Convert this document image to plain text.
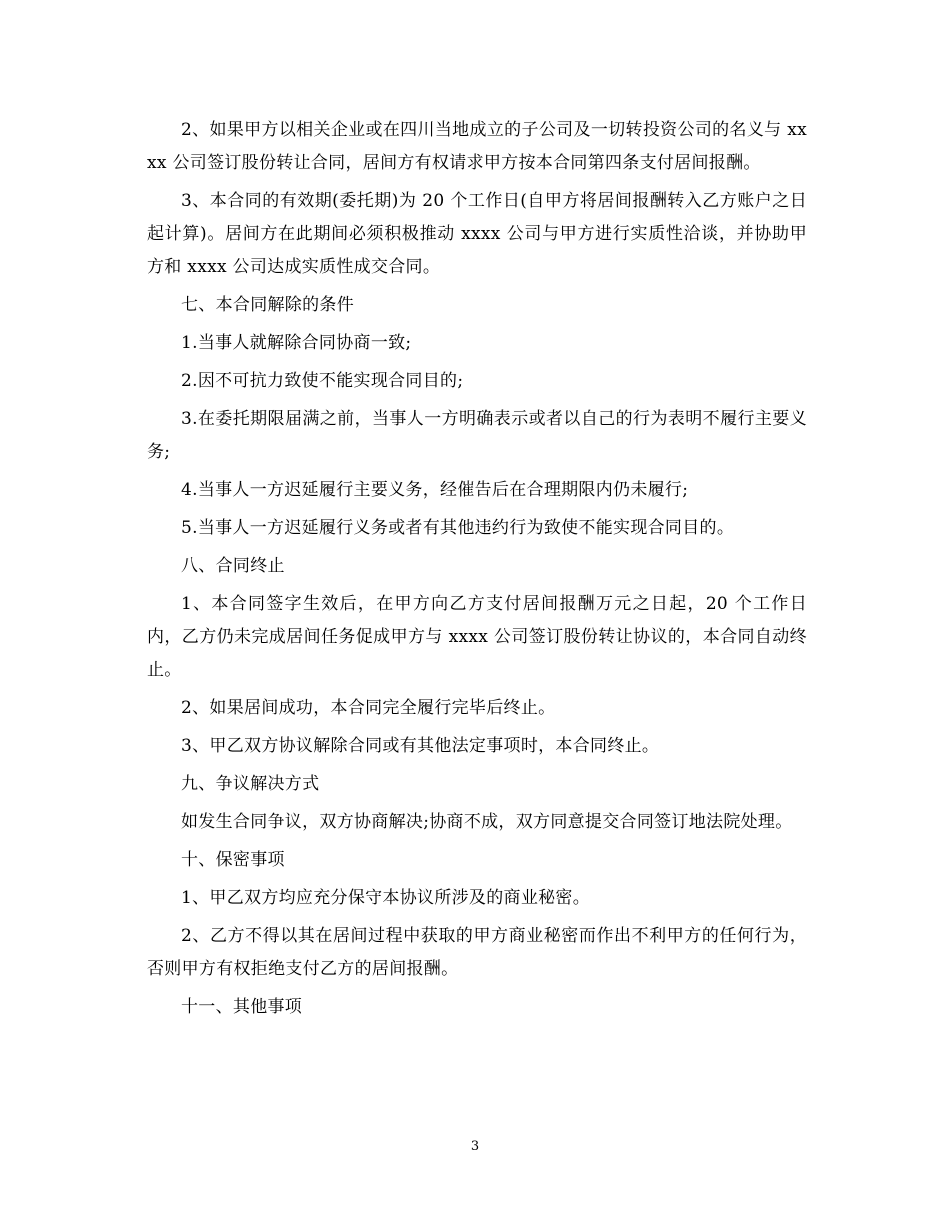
2、如果甲方以相关企业或在四川当地成立的子公司及一切转投资公司的名义与 xxxx 公司签订股份转让合同，居间方有权请求甲方按本合同第四条支付居间报酬。

3、本合同的有效期(委托期)为 20 个工作日(自甲方将居间报酬转入乙方账户之日起计算)。居间方在此期间必须积极推动 xxxx 公司与甲方进行实质性洽谈，并协助甲方和 xxxx 公司达成实质性成交合同。

七、本合同解除的条件

1.当事人就解除合同协商一致;

2.因不可抗力致使不能实现合同目的;

3.在委托期限届满之前，当事人一方明确表示或者以自己的行为表明不履行主要义务;

4.当事人一方迟延履行主要义务，经催告后在合理期限内仍未履行;

5.当事人一方迟延履行义务或者有其他违约行为致使不能实现合同目的。

八、合同终止

1、本合同签字生效后，在甲方向乙方支付居间报酬万元之日起，20 个工作日内，乙方仍未完成居间任务促成甲方与 xxxx 公司签订股份转让协议的，本合同自动终止。

2、如果居间成功，本合同完全履行完毕后终止。

3、甲乙双方协议解除合同或有其他法定事项时，本合同终止。

九、争议解决方式

如发生合同争议，双方协商解决;协商不成，双方同意提交合同签订地法院处理。

十、保密事项

1、甲乙双方均应充分保守本协议所涉及的商业秘密。

2、乙方不得以其在居间过程中获取的甲方商业秘密而作出不利甲方的任何行为，否则甲方有权拒绝支付乙方的居间报酬。

十一、其他事项

3
